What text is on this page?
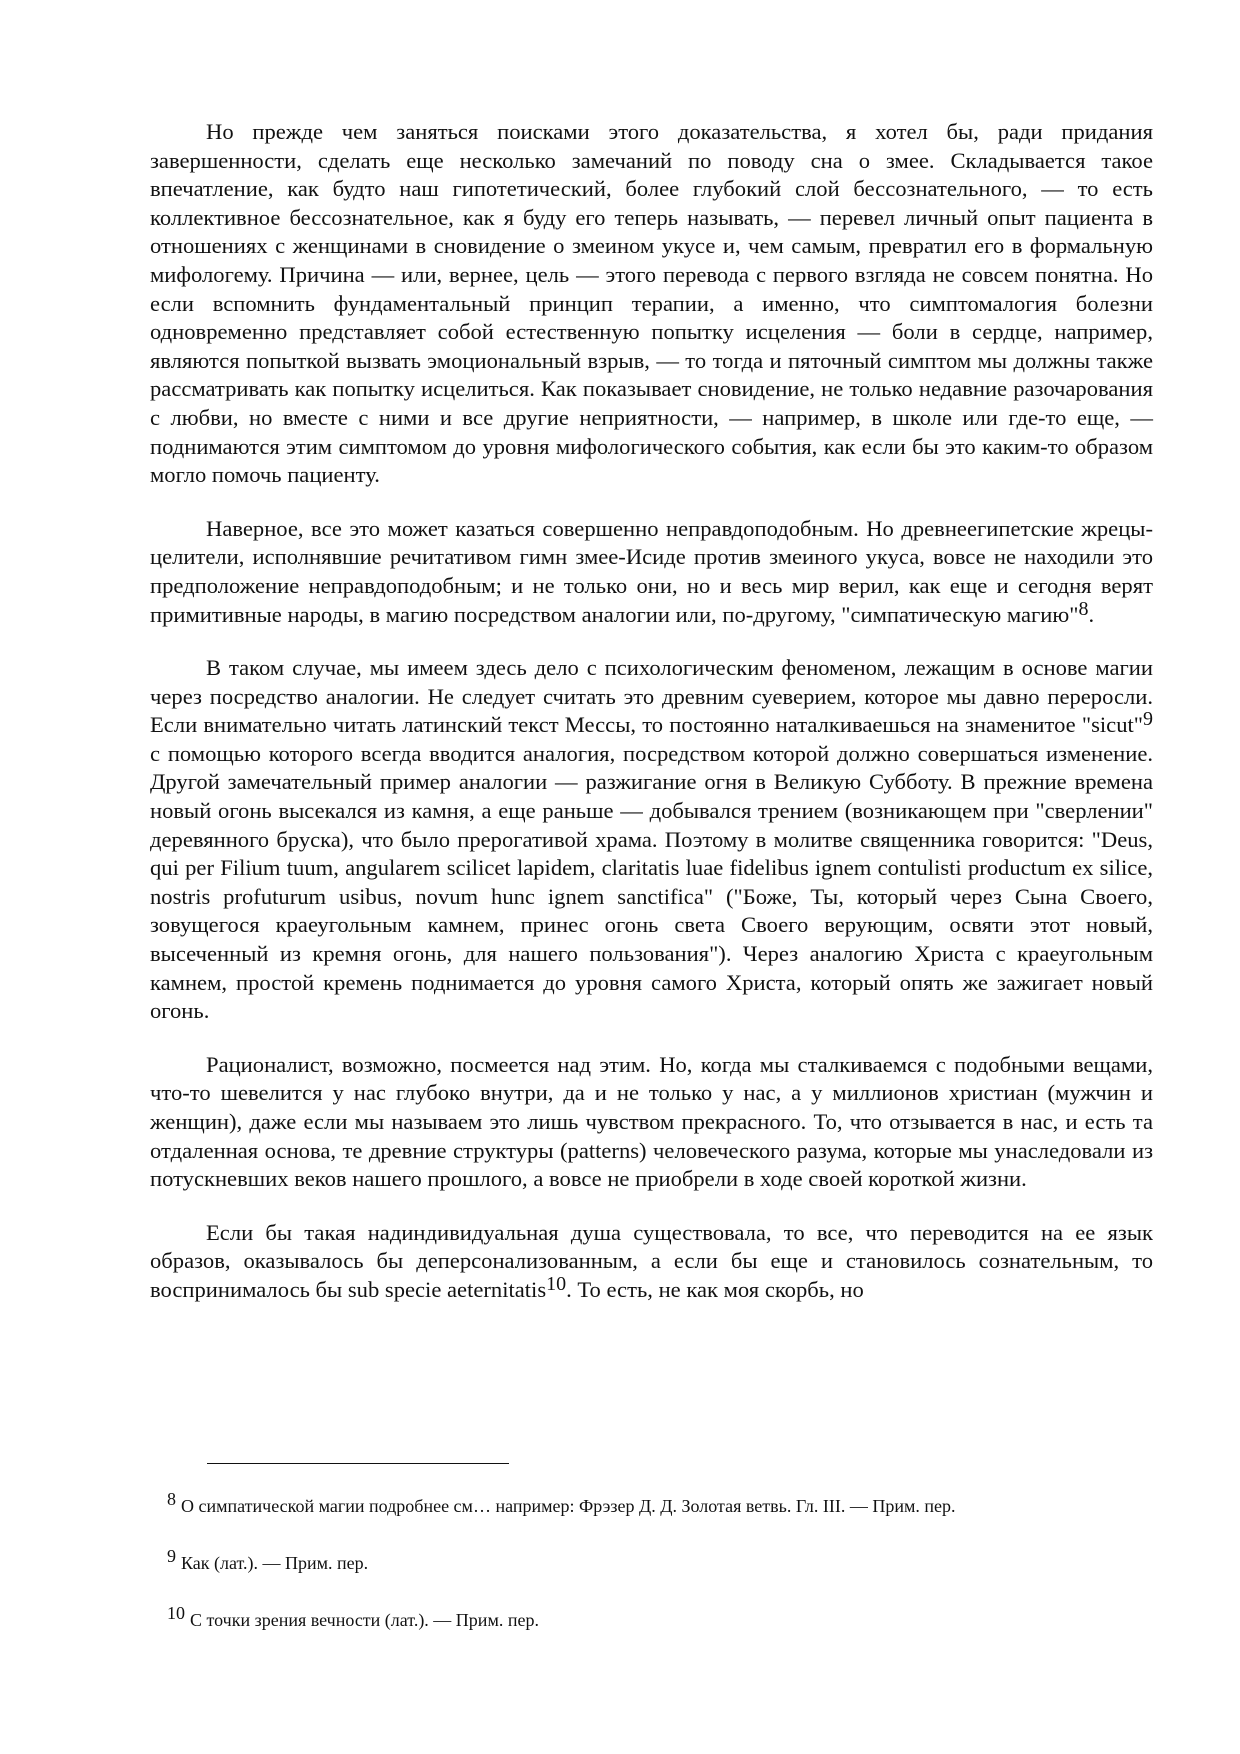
Но прежде чем заняться поисками этого доказательства, я хотел бы, ради придания завершенности, сделать еще несколько замечаний по поводу сна о змее. Складывается такое впечатление, как будто наш гипотетический, более глубокий слой бессознательного, — то есть коллективное бессознательное, как я буду его теперь называть, — перевел личный опыт пациента в отношениях с женщинами в сновидение о змеином укусе и, чем самым, превратил его в формальную мифологему. Причина — или, вернее, цель — этого перевода с первого взгляда не совсем понятна. Но если вспомнить фундаментальный принцип терапии, а именно, что симптомалогия болезни одновременно представляет собой естественную попытку исцеления — боли в сердце, например, являются попыткой вызвать эмоциональный взрыв, — то тогда и пяточный симптом мы должны также рассматривать как попытку исцелиться. Как показывает сновидение, не только недавние разочарования с любви, но вместе с ними и все другие неприятности, — например, в школе или где-то еще, — поднимаются этим симптомом до уровня мифологического события, как если бы это каким-то образом могло помочь пациенту.

Наверное, все это может казаться совершенно неправдоподобным. Но древнеегипетские жрецы-целители, исполнявшие речитативом гимн змее-Исиде против змеиного укуса, вовсе не находили это предположение неправдоподобным; и не только они, но и весь мир верил, как еще и сегодня верят примитивные народы, в магию посредством аналогии или, по-другому, "симпатическую магию"8.

В таком случае, мы имеем здесь дело с психологическим феноменом, лежащим в основе магии через посредство аналогии. Не следует считать это древним суеверием, которое мы давно переросли. Если внимательно читать латинский текст Мессы, то постоянно наталкиваешься на знаменитое "sicut"9 с помощью которого всегда вводится аналогия, посредством которой должно совершаться изменение. Другой замечательный пример аналогии — разжигание огня в Великую Субботу. В прежние времена новый огонь высекался из камня, а еще раньше — добывался трением (возникающем при "сверлении" деревянного бруска), что было прерогативой храма. Поэтому в молитве священника говорится: "Deus, qui per Filium tuum, angularem scilicet lapidem, claritatis luae fidelibus ignem contulisti productum ex silice, nostris profuturum usibus, novum hunc ignem sanctifica" ("Боже, Ты, который через Сына Своего, зовущегося краеугольным камнем, принес огонь света Своего верующим, освяти этот новый, высеченный из кремня огонь, для нашего пользования"). Через аналогию Христа с краеугольным камнем, простой кремень поднимается до уровня самого Христа, который опять же зажигает новый огонь.

Рационалист, возможно, посмеется над этим. Но, когда мы сталкиваемся с подобными вещами, что-то шевелится у нас глубоко внутри, да и не только у нас, а у миллионов христиан (мужчин и женщин), даже если мы называем это лишь чувством прекрасного. То, что отзывается в нас, и есть та отдаленная основа, те древние структуры (patterns) человеческого разума, которые мы унаследовали из потускневших веков нашего прошлого, а вовсе не приобрели в ходе своей короткой жизни.

Если бы такая надиндивидуальная душа существовала, то все, что переводится на ее язык образов, оказывалось бы деперсонализованным, а если бы еще и становилось сознательным, то воспринималось бы sub specie aeternitatis10. То есть, не как моя скорбь, но

8 О симпатической магии подробнее см… например: Фрэзер Д. Д. Золотая ветвь. Гл. III. — Прим. пер.
9 Как (лат.). — Прим. пер.
10 С точки зрения вечности (лат.). — Прим. пер.
